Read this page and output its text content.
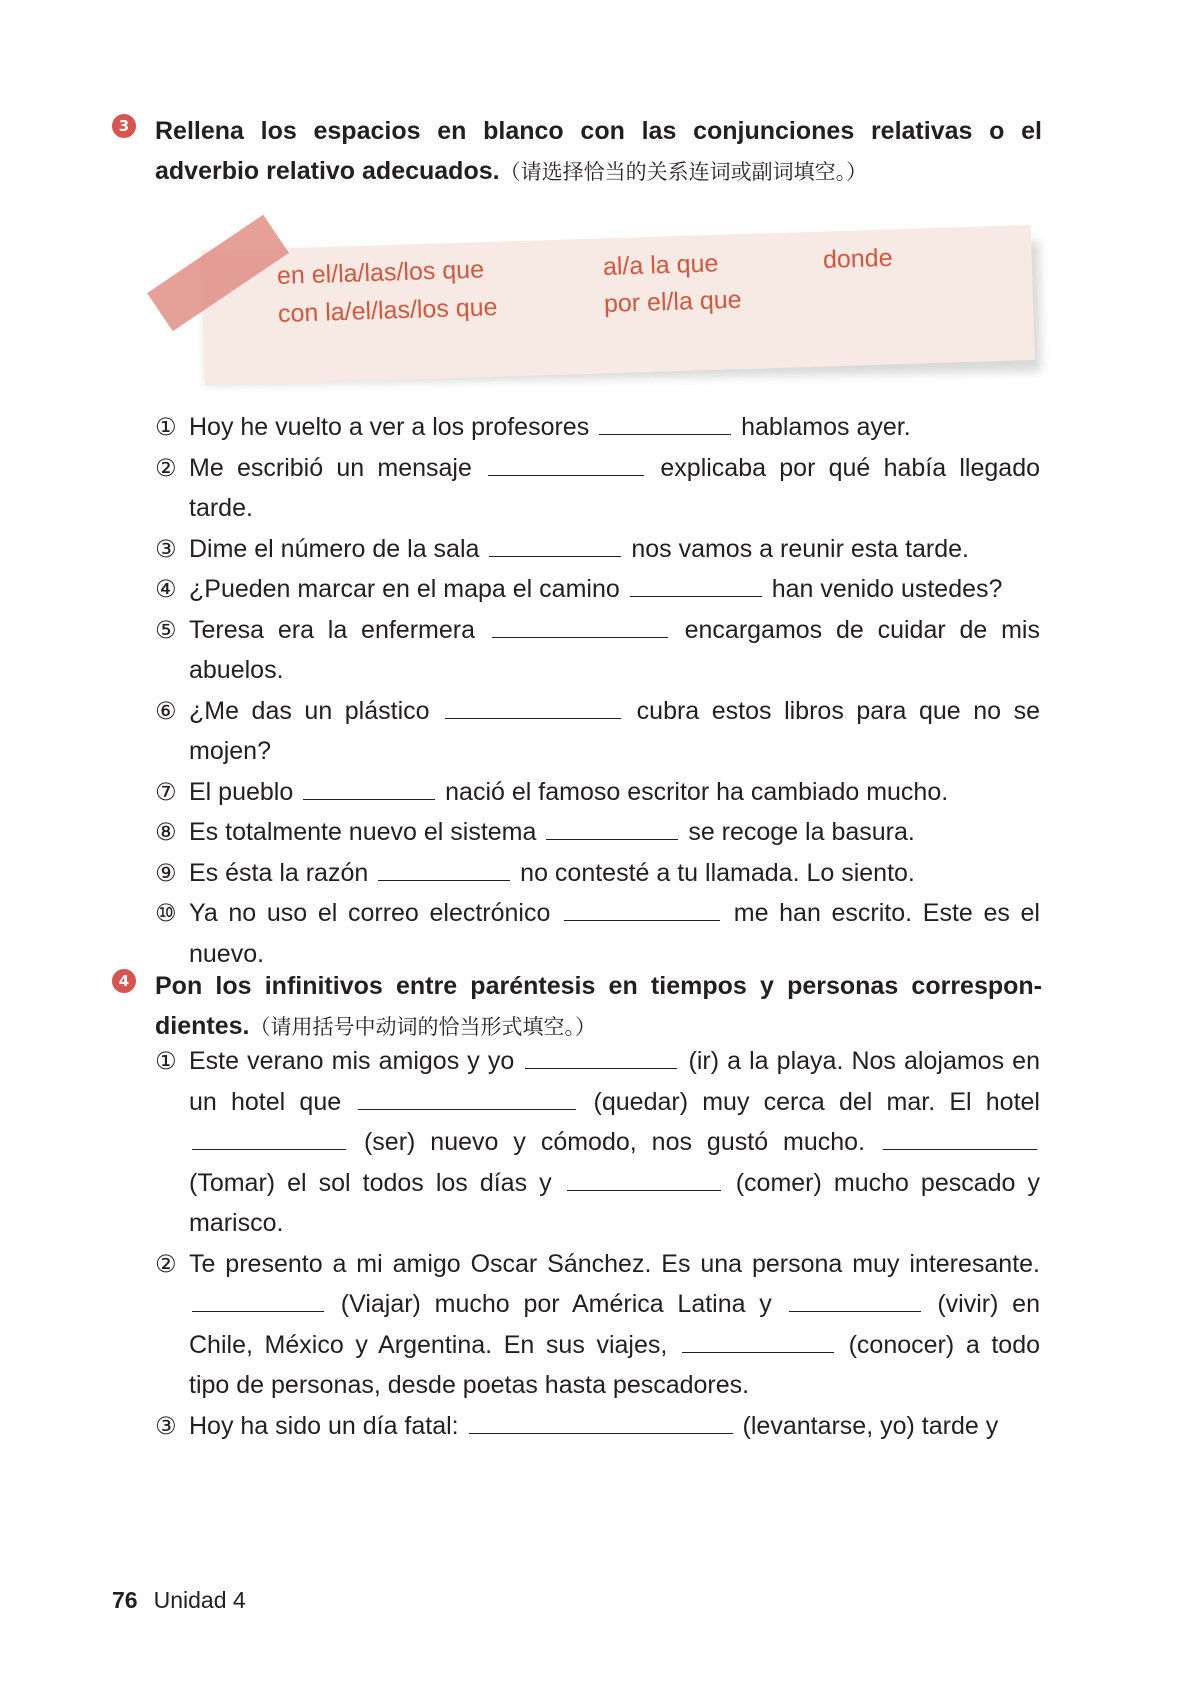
3 Rellena los espacios en blanco con las conjunciones relativas o el adverbio relativo adecuados.（请选择恰当的关系连词或副词填空。）
en el/la/las/los que
con la/el/las/los que
al/a la que
por el/la que
donde
① Hoy he vuelto a ver a los profesores	hablamos ayer.
② Me escribió un mensaje	explicaba por qué había llegado tarde.
③ Dime el número de la sala	nos vamos a reunir esta tarde.
④ ¿Pueden marcar en el mapa el camino	han venido ustedes?
⑤ Teresa era la enfermera	encargamos de cuidar de mis abuelos.
⑥ ¿Me das un plástico	cubra estos libros para que no se mojen?
⑦ El pueblo	nació el famoso escritor ha cambiado mucho.
⑧ Es totalmente nuevo el sistema	se recoge la basura.
⑨ Es ésta la razón	no contesté a tu llamada. Lo siento.
⑩ Ya no uso el correo electrónico	me han escrito. Este es el nuevo.
4 Pon los infinitivos entre paréntesis en tiempos y personas correspon-dientes.（请用括号中动词的恰当形式填空。）
① Este verano mis amigos y yo	(ir) a la playa. Nos alojamos en un hotel que	(quedar) muy cerca del mar. El hotel  (ser) nuevo y cómodo, nos gustó mucho.  (Tomar) el sol todos los días y	(comer) mucho pescado y marisco.
② Te presento a mi amigo Oscar Sánchez. Es una persona muy interesante.  (Viajar) mucho por América Latina y	(vivir) en Chile, México y Argentina. En sus viajes,	(conocer) a todo tipo de personas, desde poetas hasta pescadores.
③ Hoy ha sido un día fatal:	(levantarse, yo) tarde y
76 Unidad 4
